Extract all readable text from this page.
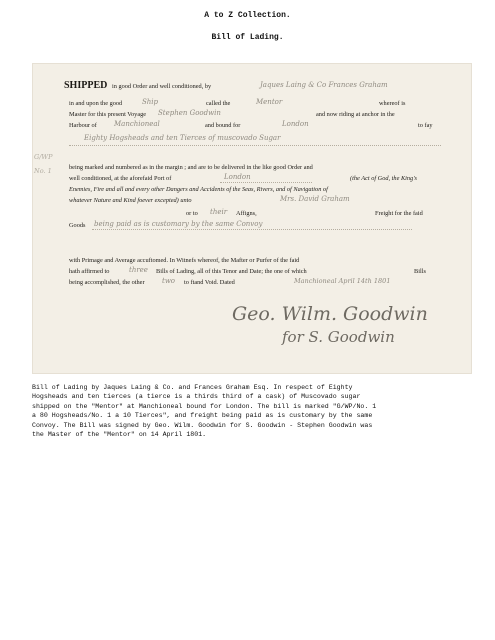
A to Z Collection.
Bill of Lading.
SHIPPED in good Order and well conditioned, by	Jaques Laing & Co Frances Graham
in and upon the good	Ship	called the	Mentor	whereof is
Master for this present Voyage Stephen Goodwin	and now riding at anchor in the
Harbour of Manchioneal	and bound for	London	to fay
Eighty Hogsheads and ten Tierces of muscovado Sugar
G/WP
No. 1	being marked and numbered as in the margin ; and are to be delivered in the like good Order and
well conditioned, at the aforefaid Port of	London	(the Act of God, the King's
Enemies, Fire and all and every other Dangers and Accidents of the Seas, Rivers, and of Navigation of
whatever Nature and Kind foever excepted) unto	Mrs. David Graham
or to their Affigns,	Freight for the faid
Goods being paid as is customary by the same Convoy
with Primage and Average accuftomed. In Witnefs whereof, the Mafter or Purfer of the faid
hath affirmed to	three Bills of Lading, all of this Tenor and Date; the one of which	Bills
being accomplished, the other two to ftand Void. Dated	Manchioneal April 14th 1801
Geo. Wilm. Goodwin
for S. Goodwin
Bill of Lading by Jaques Laing & Co. and Frances Graham Esq. In respect of Eighty
Hogsheads and ten tierces (a tierce is a thirds third of a cask) of Muscovado sugar
shipped on the "Mentor" at Manchioneal bound for London. The bill is marked "G/WP/No. 1
a 80 Hogsheads/No. 1 a 10 Tierces", and freight being paid as is customary by the same
Convoy. The Bill was signed by Geo. Wilm. Goodwin for S. Goodwin - Stephen Goodwin was
the Master of the "Mentor" on 14 April 1801.
